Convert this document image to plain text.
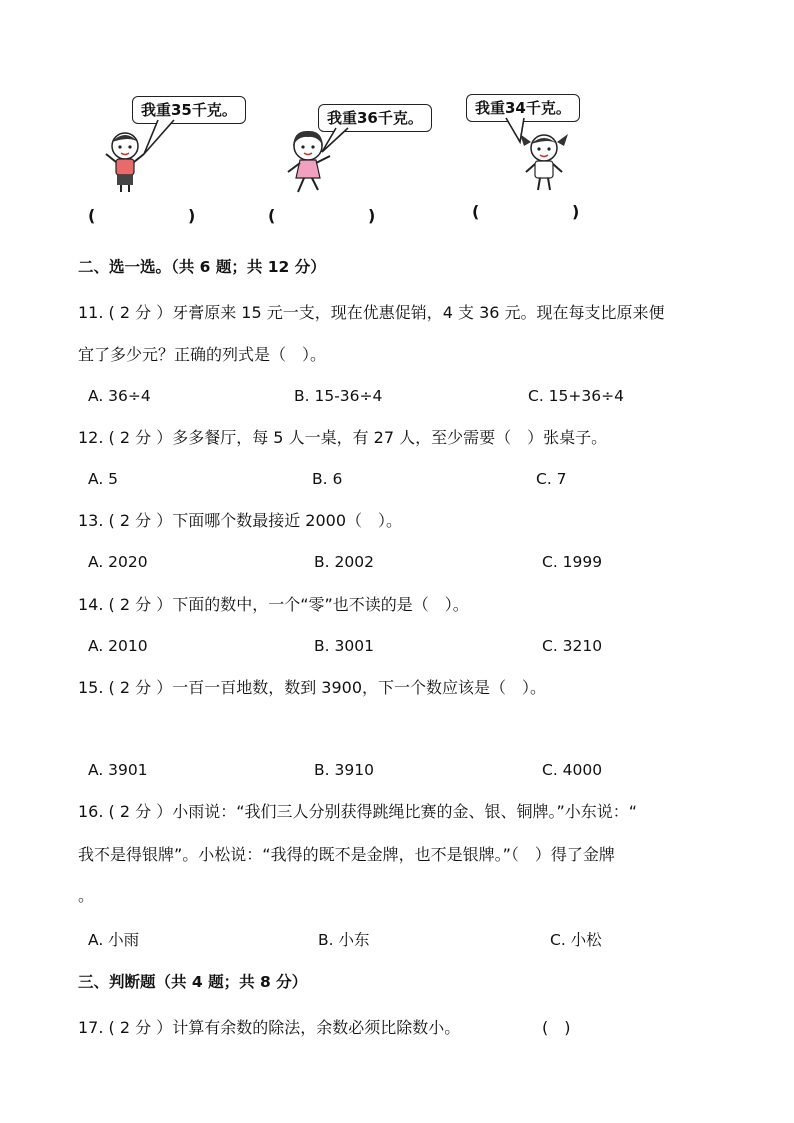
我重35千克。
(	)
我重36千克。
(	)
我重34千克。
(	)
二、选一选。（共 6 题；共 12 分）
11. ( 2 分 ）牙膏原来 15 元一支，现在优惠促销，4 支 36 元。现在每支比原来便
宜了多少元？正确的列式是（　）。
A. 36÷4	B. 15-36÷4	C. 15+36÷4
12. ( 2 分 ）多多餐厅，每 5 人一桌，有 27 人，至少需要（　）张桌子。
A. 5	B. 6	C. 7
13. ( 2 分 ）下面哪个数最接近 2000（　）。
A. 2020	B. 2002	C. 1999
14. ( 2 分 ）下面的数中，一个“零”也不读的是（　）。
A. 2010	B. 3001	C. 3210
15. ( 2 分 ）一百一百地数，数到 3900，下一个数应该是（　）。
A. 3901	B. 3910	C. 4000
16. ( 2 分 ）小雨说：“我们三人分别获得跳绳比赛的金、银、铜牌。”小东说：“
我不是得银牌”。小松说：“我得的既不是金牌，也不是银牌。”（　）得了金牌
。
A. 小雨	B. 小东	C. 小松
三、判断题（共 4 题；共 8 分）
17. ( 2 分 ）计算有余数的除法，余数必须比除数小。	(　)
